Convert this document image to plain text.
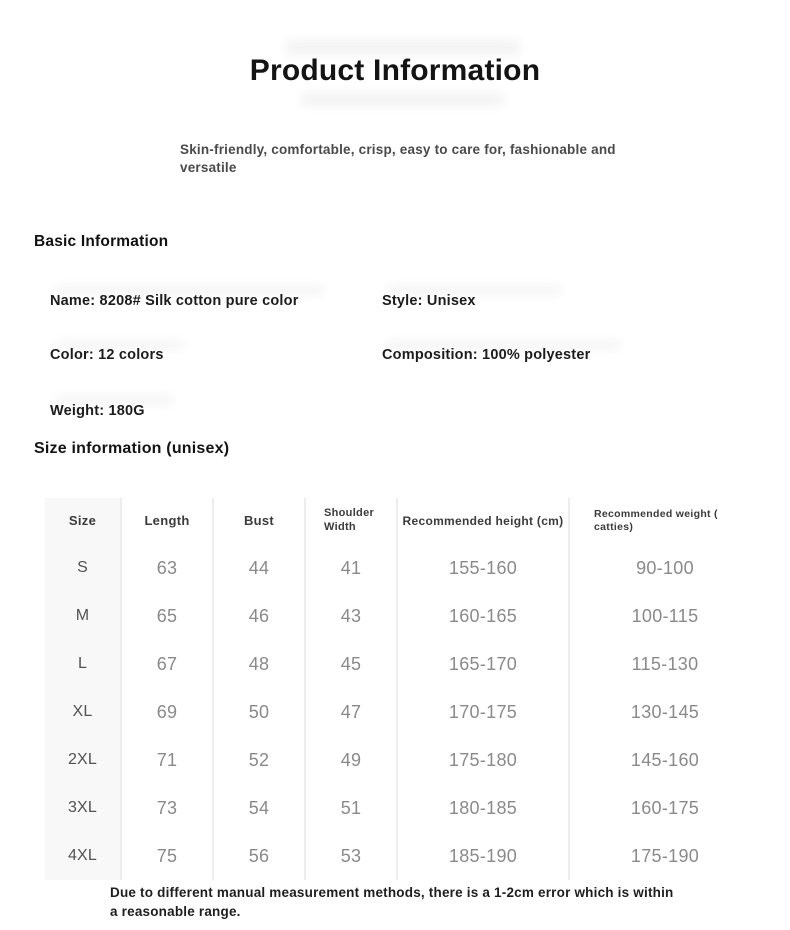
Product Information

Skin-friendly, comfortable, crisp, easy to care for, fashionable and versatile

Basic Information
Name: 8208# Silk cotton pure color	Style: Unisex
Color: 12 colors	Composition: 100% polyester
Weight: 180G
Size information (unisex)
Size	Length	Bust	Shoulder Width	Recommended height (cm)	Recommended weight ( catties)
S	63	44	41	155-160	90-100
M	65	46	43	160-165	100-115
L	67	48	45	165-170	115-130
XL	69	50	47	170-175	130-145
2XL	71	52	49	175-180	145-160
3XL	73	54	51	180-185	160-175
4XL	75	56	53	185-190	175-190

Due to different manual measurement methods, there is a 1-2cm error which is within a reasonable range.
